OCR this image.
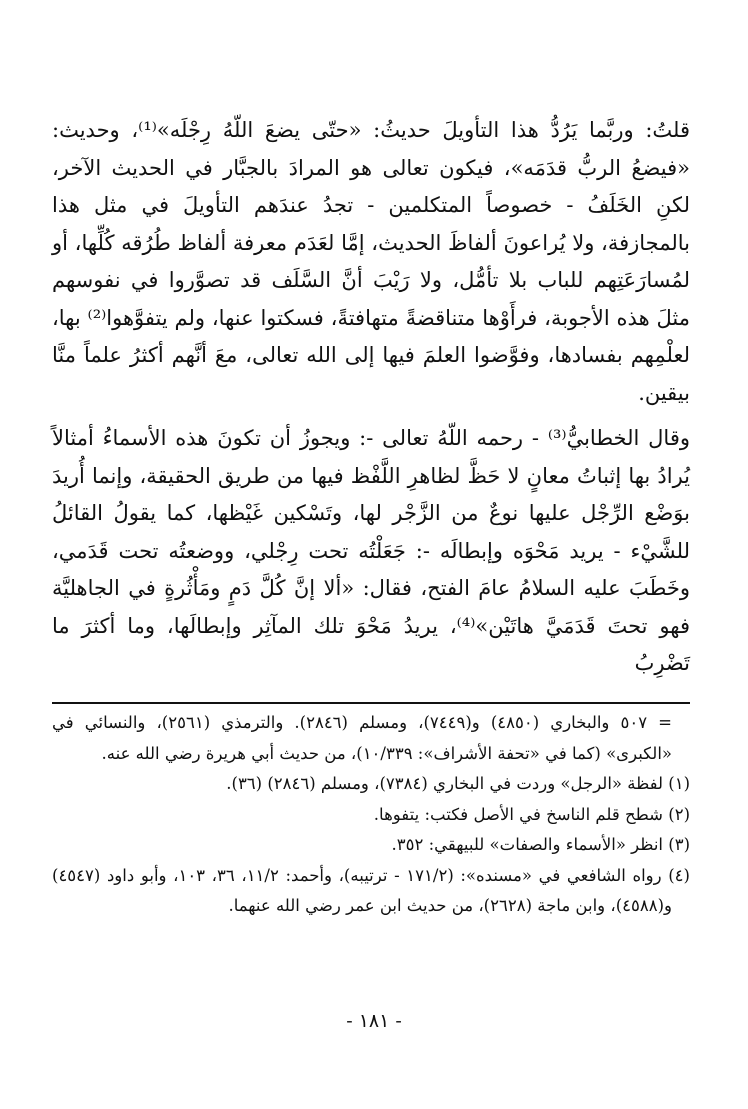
قلتُ: وربَّما يَرُدُّ هذا التأويلَ حديثُ: «حتّى يضعَ اللّهُ رِجْلَه»⁽¹⁾، وحديث: «فيضعُ الربُّ قدَمَه»، فيكون تعالى هو المرادَ بالجبَّار في الحديث الآخر، لكنِ الخَلَفُ - خصوصاً المتكلمين - تجدُ عندَهم التأويلَ في مثل هذا بالمجازفة، ولا يُراعونَ ألفاظَ الحديث، إمَّا لعَدَم معرفة ألفاظ طُرُقه كُلِّها، أو لمُسارَعَتِهم للباب بلا تأمُّل، ولا رَيْبَ أنَّ السَّلَف قد تصوَّروا في نفوسهم مثلَ هذه الأجوبة، فرأَوْها متناقضةً متهافتةً، فسكتوا عنها، ولم يتفوَّهوا⁽²⁾ بها، لعلْمِهم بفسادها، وفوَّضوا العلمَ فيها إلى الله تعالى، معَ أنَّهم أكثرُ علماً منَّا بيقين.

وقال الخطابيُّ⁽³⁾ - رحمه اللّهُ تعالى -: ويجوزُ أن تكونَ هذه الأسماءُ أمثالاً يُرادُ بها إثباتُ معانٍ لا حَظَّ لظاهرِ اللَّفْظ فيها من طريق الحقيقة، وإنما أُريدَ بوَضْع الرِّجْل عليها نوعٌ من الزَّجْر لها، وتَسْكين غَيْظها، كما يقولُ القائلُ للشَّيْء - يريد مَحْوَه وإبطالَه -: جَعَلْتُه تحت رِجْلي، ووضعتُه تحت قَدَمي، وخَطَبَ عليه السلامُ عامَ الفتح، فقال: «ألا إنَّ كُلَّ دَمٍ ومَأْثُرةٍ في الجاهليَّة فهو تحتَ قَدَمَيَّ هاتَيْن»⁽⁴⁾، يريدُ مَحْوَ تلك المآثِر وإبطالَها، وما أكثرَ ما تَضْرِبُ

= ٥٠٧ والبخاري (٤٨٥٠) و(٧٤٤٩)، ومسلم (٢٨٤٦). والترمذي (٢٥٦١)، والنسائي في «الكبرى» (كما في «تحفة الأشراف»: ١٠/٣٣٩)، من حديث أبي هريرة رضي الله عنه.

(١) لفظة «الرجل» وردت في البخاري (٧٣٨٤)، ومسلم (٢٨٤٦) (٣٦).

(٢) شطح قلم الناسخ في الأصل فكتب: يتفوها.

(٣) انظر «الأسماء والصفات» للبيهقي: ٣٥٢.

(٤) رواه الشافعي في «مسنده»: (١٧١/٢ - ترتيبه)، وأحمد: ١١/٢، ٣٦، ١٠٣، وأبو داود (٤٥٤٧) و(٤٥٨٨)، وابن ماجة (٢٦٢٨)، من حديث ابن عمر رضي الله عنهما.

- ١٨١ -
